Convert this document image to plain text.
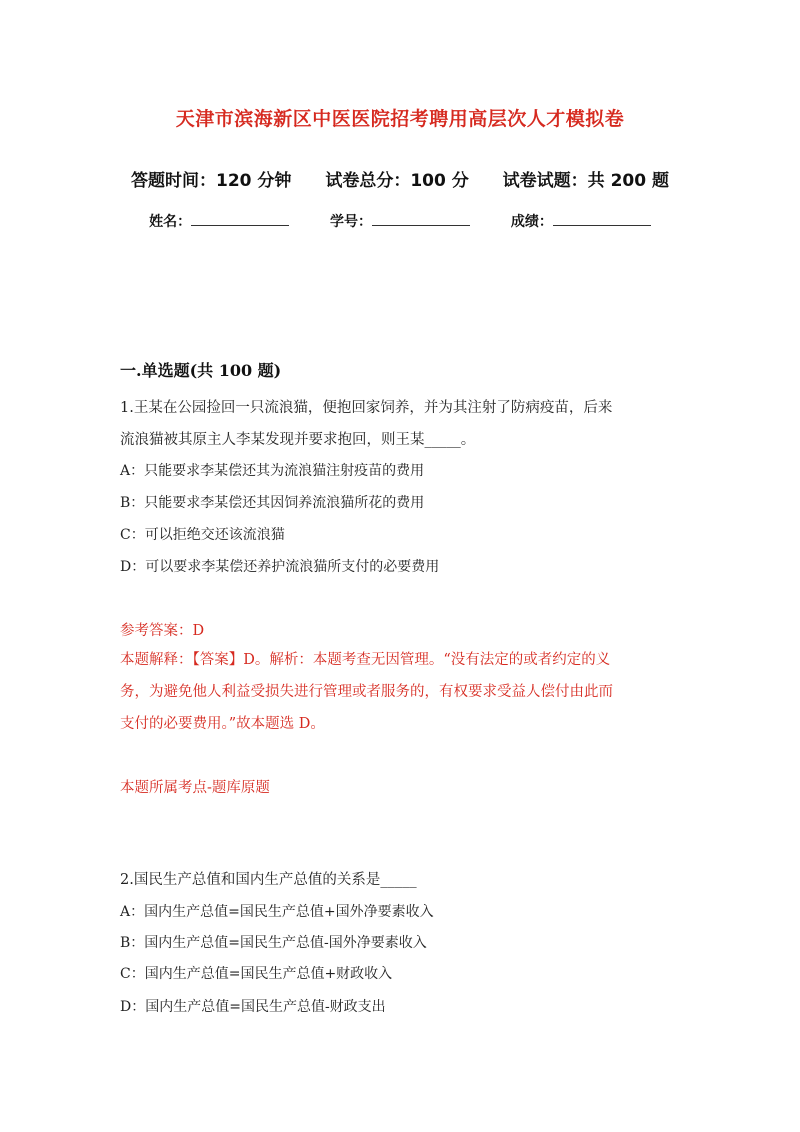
天津市滨海新区中医医院招考聘用高层次人才模拟卷
答题时间：120 分钟 试卷总分：100 分 试卷试题：共 200 题
姓名：	学号：	成绩：
一.单选题(共 100 题)
1.王某在公园捡回一只流浪猫，便抱回家饲养，并为其注射了防病疫苗，后来
流浪猫被其原主人李某发现并要求抱回，则王某_____。
A：只能要求李某偿还其为流浪猫注射疫苗的费用
B：只能要求李某偿还其因饲养流浪猫所花的费用
C：可以拒绝交还该流浪猫
D：可以要求李某偿还养护流浪猫所支付的必要费用
参考答案：D
本题解释：【答案】D。解析：本题考查无因管理。“没有法定的或者约定的义
务，为避免他人利益受损失进行管理或者服务的，有权要求受益人偿付由此而
支付的必要费用。”故本题选 D。
本题所属考点-题库原题
2.国民生产总值和国内生产总值的关系是_____
A：国内生产总值=国民生产总值+国外净要素收入
B：国内生产总值=国民生产总值-国外净要素收入
C：国内生产总值=国民生产总值+财政收入
D：国内生产总值=国民生产总值-财政支出
